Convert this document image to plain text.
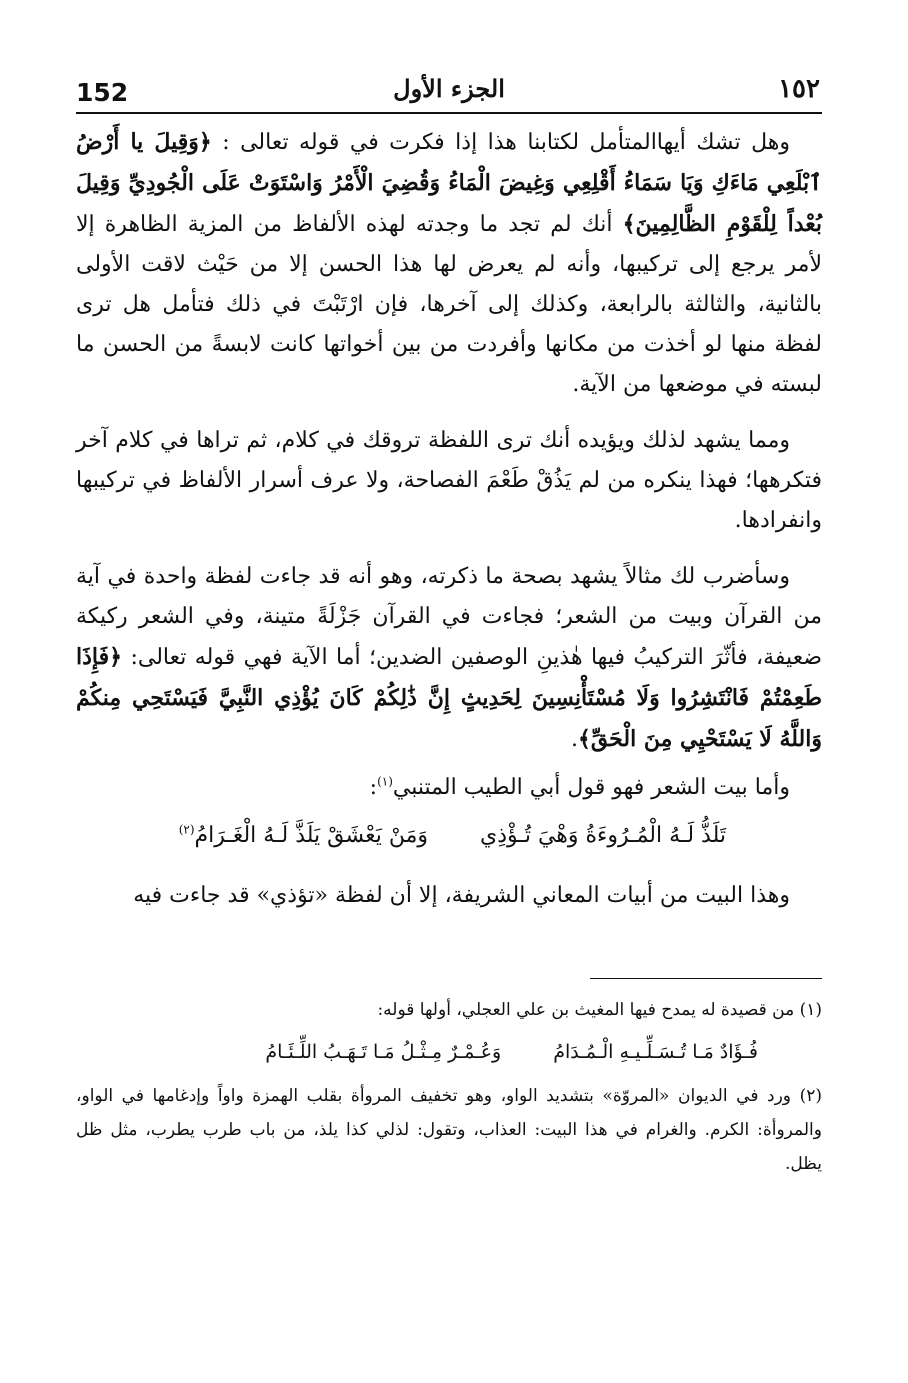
152	الجزء الأول	١٥٢

وهل تشك أيهاالمتأمل لكتابنا هذا إذا فكرت في قوله تعالى : ﴿وَقِيلَ يا أَرْضُ ٱبْلَعِي مَاءَكِ وَيَا سَمَاءُ أَقْلِعِي وَغِيضَ الْمَاءُ وَقُضِيَ الْأَمْرُ وَاسْتَوَتْ عَلَى الْجُودِيِّ وَقِيلَ بُعْداً لِلْقَوْمِ الظَّالِمِينَ﴾ أنك لم تجد ما وجدته لهذه الألفاظ من المزية الظاهرة إلا لأمر يرجع إلى تركيبها، وأنه لم يعرض لها هذا الحسن إلا من حَيْث لاقت الأولى بالثانية، والثالثة بالرابعة، وكذلك إلى آخرها، فإن ارْتَبْتَ في ذلك فتأمل هل ترى لفظة منها لو أخذت من مكانها وأفردت من بين أخواتها كانت لابسةً من الحسن ما لبسته في موضعها من الآية.

ومما يشهد لذلك ويؤيده أنك ترى اللفظة تروقك في كلام، ثم تراها في كلام آخر فتكرهها؛ فهذا ينكره من لم يَذُقْ طَعْمَ الفصاحة، ولا عرف أسرار الألفاظ في تركيبها وانفرادها.

وسأضرب لك مثالاً يشهد بصحة ما ذكرته، وهو أنه قد جاءت لفظة واحدة في آية من القرآن وبيت من الشعر؛ فجاءت في القرآن جَزْلَةً متينة، وفي الشعر ركيكة ضعيفة، فأثّرَ التركيبُ فيها هٰذينِ الوصفين الضدين؛ أما الآية فهي قوله تعالى: ﴿فَإِذَا طَعِمْتُمْ فَانْتَشِرُوا وَلَا مُسْتَأْنِسِينَ لِحَدِيثٍ إِنَّ ذَٰلِكُمْ كَانَ يُؤْذِي النَّبِيَّ فَيَسْتَحِي مِنكُمْ وَاللَّهُ لَا يَسْتَحْيِي مِنَ الْحَقِّ﴾.

وأما بيت الشعر فهو قول أبي الطيب المتنبي$^{(١)}$:

تَلَذُّ لَـهُ الْمُـرُوءَةُ وَهْيَ تُـؤْذِي
وَمَنْ يَعْشَقْ يَلَذَّ لَـهُ الْغَـرَامُ$^{(٢)}$

وهذا البيت من أبيات المعاني الشريفة، إلا أن لفظة «تؤذي» قد جاءت فيه

(١) من قصيدة له يمدح فيها المغيث بن علي العجلي، أولها قوله:

فُـؤَادٌ مَـا تُـسَـلِّـيـهِ الْـمُـدَامُ
وَعُـمْـرٌ مِـثْـلُ مَـا تَـهَـبُ اللِّـئَـامُ

(٢) ورد في الديوان «المروّة» بتشديد الواو، وهو تخفيف المروأة بقلب الهمزة واواً وإدغامها في الواو، والمروأة: الكرم. والغرام في هذا البيت: العذاب، وتقول: لذلي كذا يلذ، من باب طرب يطرب، مثل ظل يظل.
